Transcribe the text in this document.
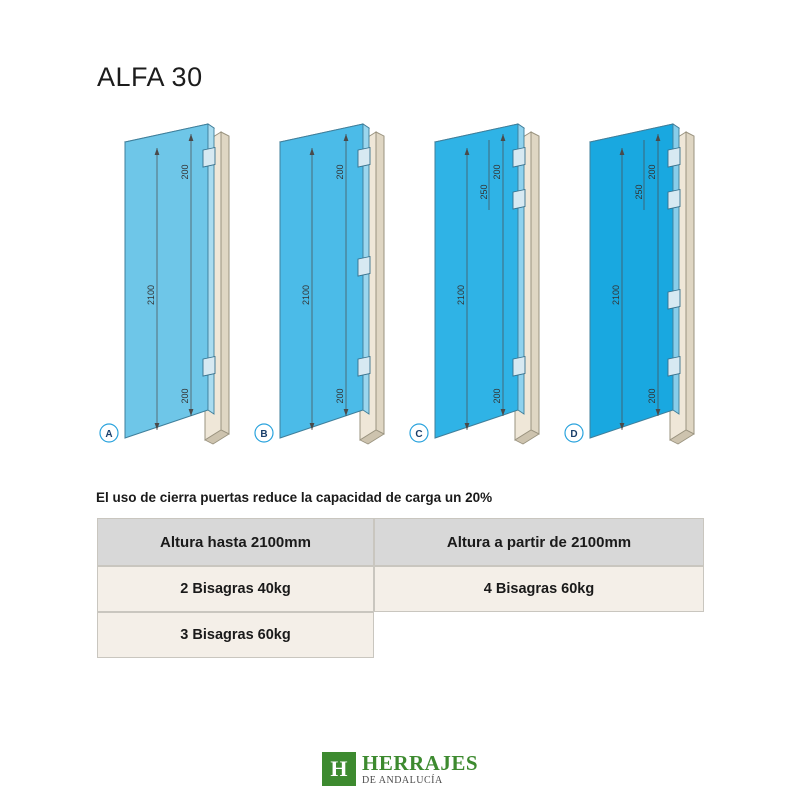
ALFA 30
200
200
2100
A
200
200
2100
B
200
250
200
2100
C
200
250
200
2100
D
El uso de cierra puertas reduce la capacidad de carga un 20%
Altura hasta 2100mm	Altura a partir de 2100mm
2 Bisagras 40kg	4 Bisagras 60kg
3 Bisagras 60kg
H HERRAJES
DE ANDALUCÍA
